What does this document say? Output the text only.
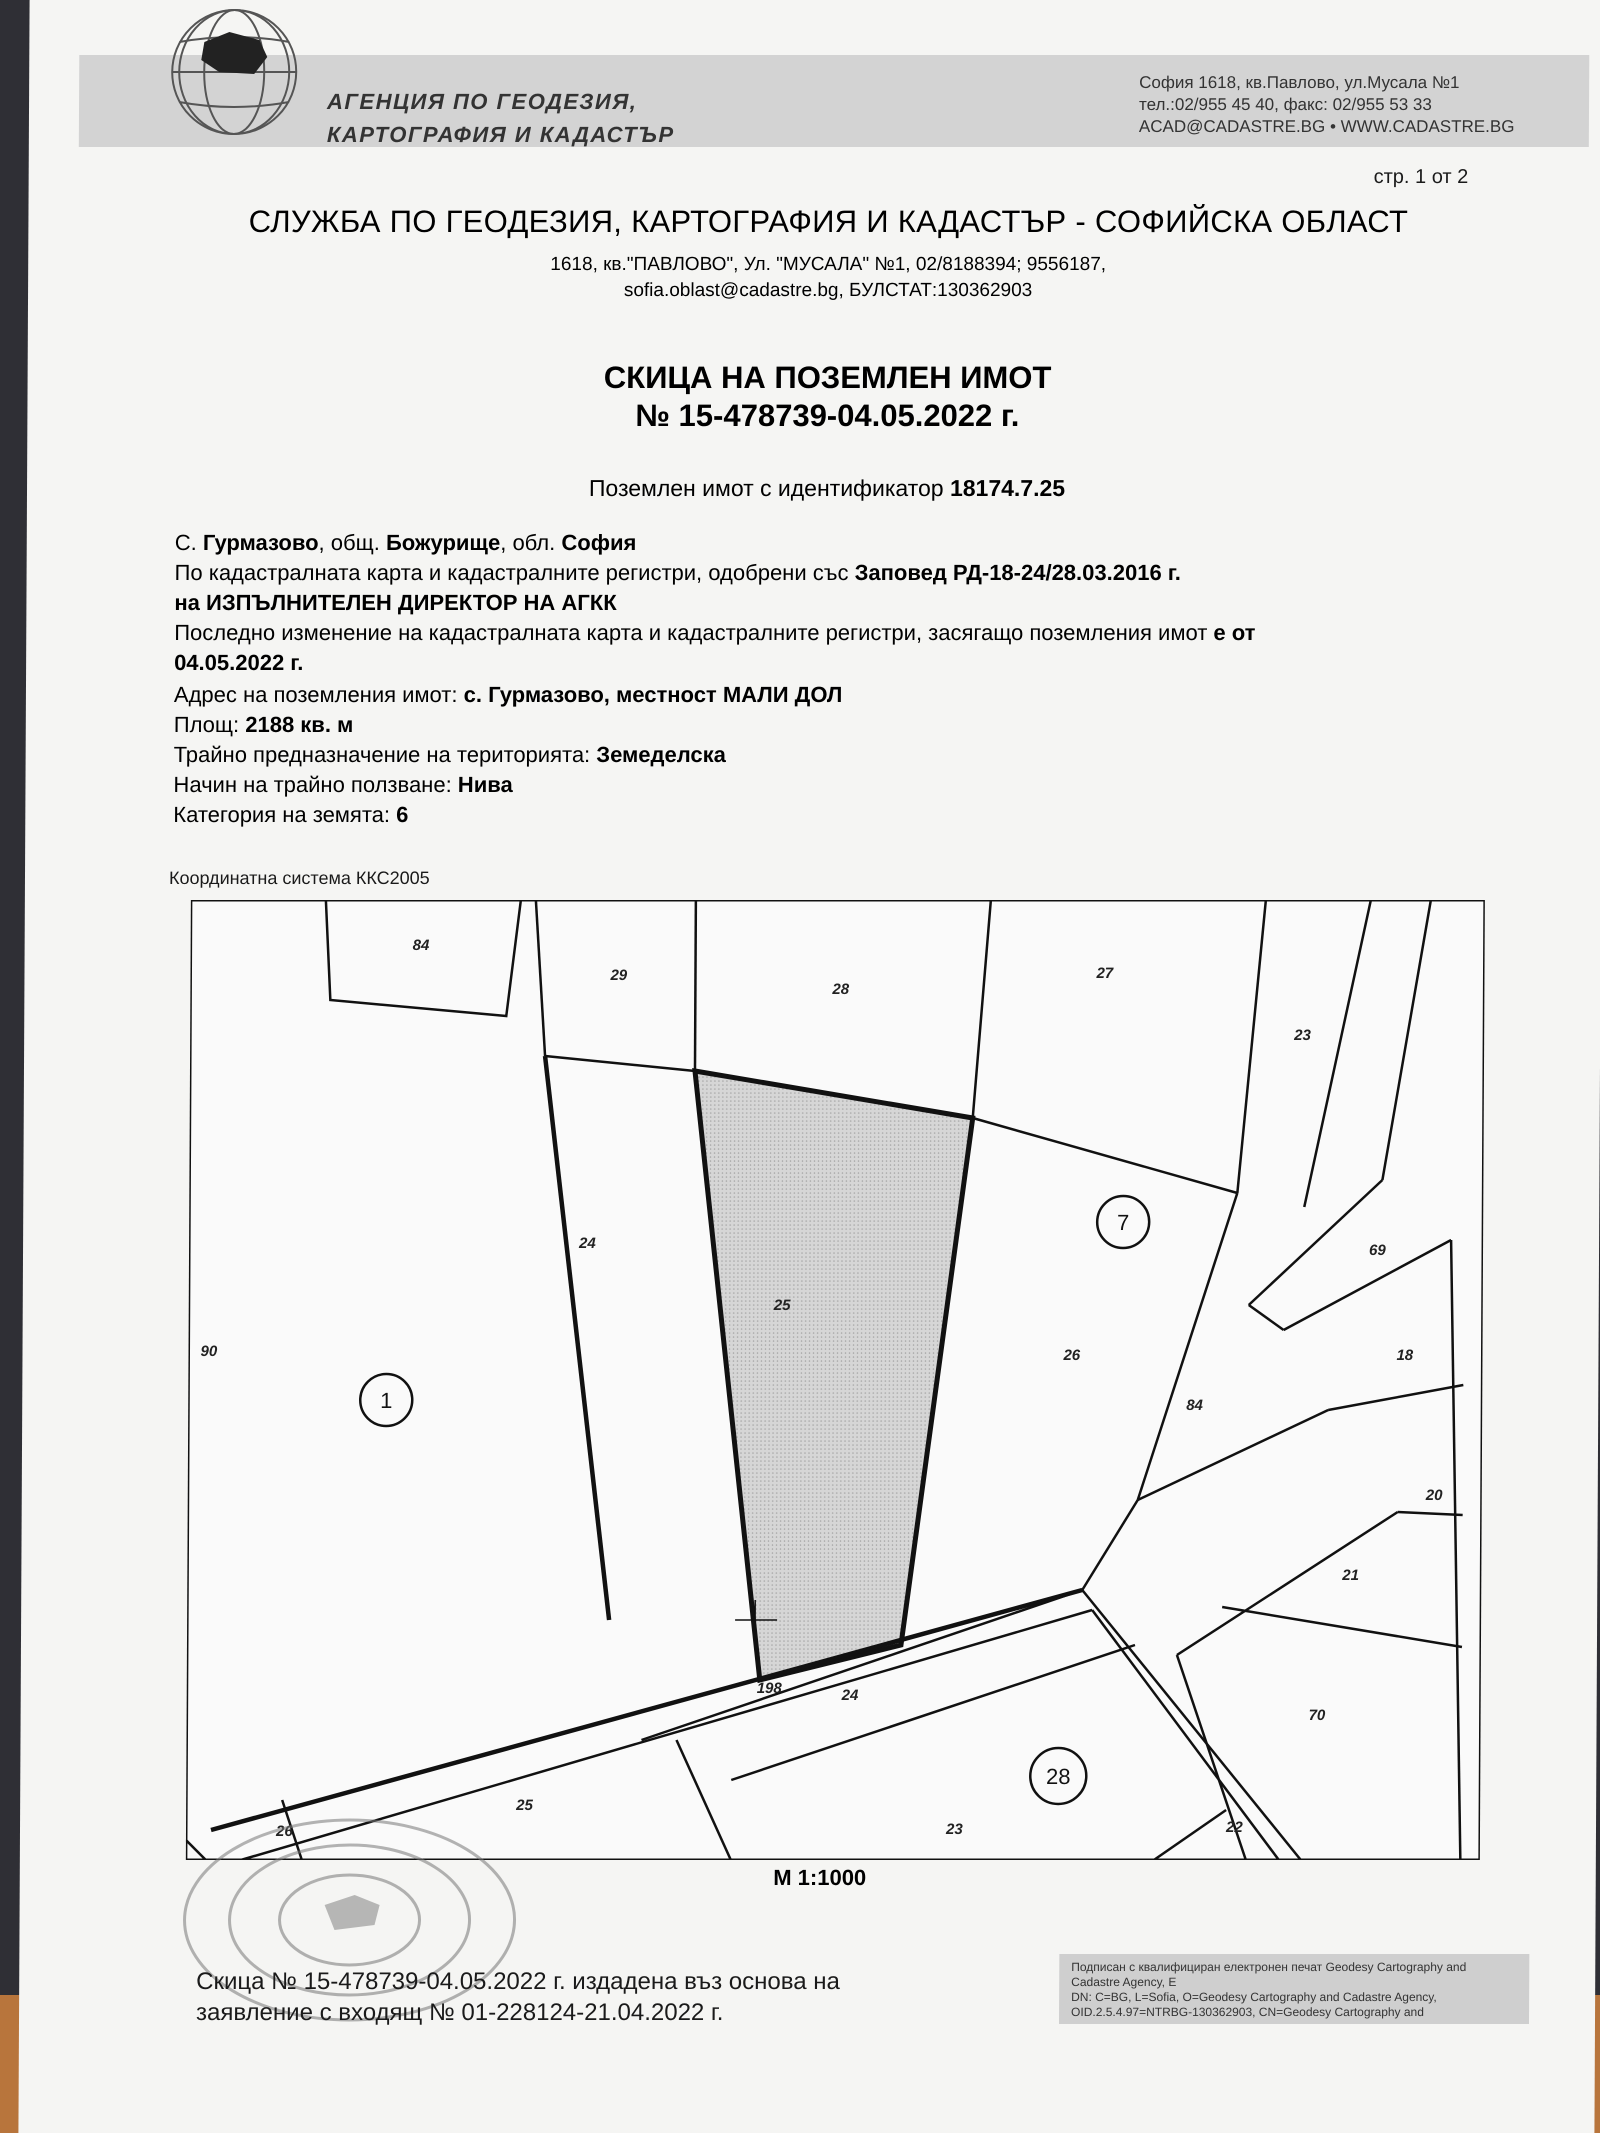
АГЕНЦИЯ ПО ГЕОДЕЗИЯ,
КАРТОГРАФИЯ И КАДАСТЪР
София 1618, кв.Павлово, ул.Мусала №1
тел.:02/955 45 40, факс: 02/955 53 33
ACAD@CADASTRE.BG • WWW.CADASTRE.BG
стр. 1 от 2
СЛУЖБА ПО ГЕОДЕЗИЯ, КАРТОГРАФИЯ И КАДАСТЪР - СОФИЙСКА ОБЛАСТ
1618, кв."ПАВЛОВО", Ул. "МУСАЛА" №1, 02/8188394; 9556187,
sofia.oblast@cadastre.bg, БУЛСТАТ:130362903
СКИЦА НА ПОЗЕМЛЕН ИМОТ
№ 15-478739-04.05.2022 г.
Поземлен имот с идентификатор 18174.7.25
С. Гурмазово, общ. Божурище, обл. София
По кадастралната карта и кадастралните регистри, одобрени със Заповед РД-18-24/28.03.2016 г.
на ИЗПЪЛНИТЕЛЕН ДИРЕКТОР НА АГКК
Последно изменение на кадастралната карта и кадастралните регистри, засягащо поземления имот е от
04.05.2022 г.
Адрес на поземления имот: с. Гурмазово, местност МАЛИ ДОЛ
Площ: 2188 кв. м
Трайно предназначение на територията: Земеделска
Начин на трайно ползване: Нива
Категория на земята: 6
Координатна система ККС2005
84
29
28
27
23
24
25
26
69
18
84
90
20
21
70
198	24
25
23	22
26
1
7
28
М 1:1000
Скица № 15-478739-04.05.2022 г. издадена въз основа на
заявление с входящ № 01-228124-21.04.2022 г.
Подписан с квалифициран електронен печат Geodesy Cartography and Cadastre Agency, E
DN: C=BG, L=Sofia, O=Geodesy Cartography and Cadastre Agency,
OID.2.5.4.97=NTRBG-130362903, CN=Geodesy Cartography and
